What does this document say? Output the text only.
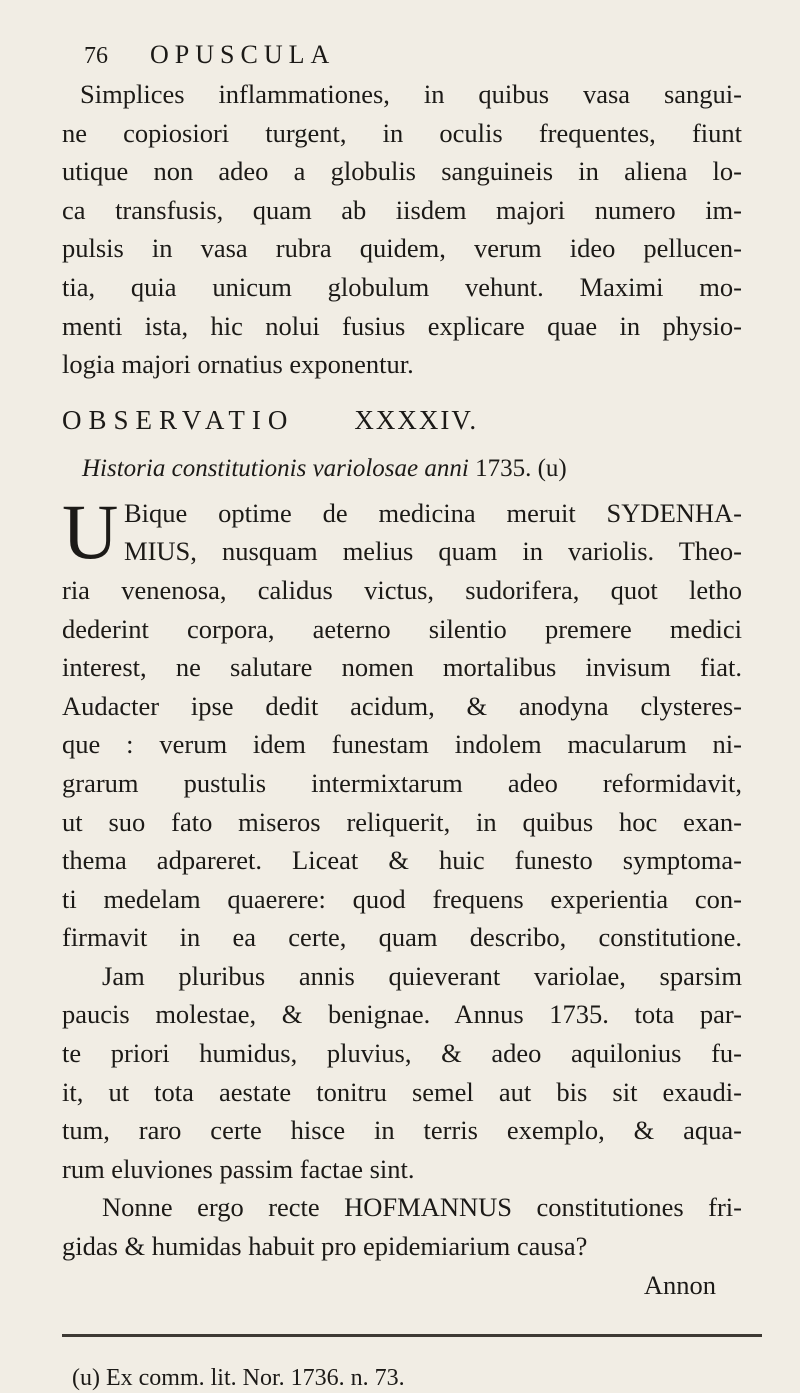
76 OPUSCULA

Simplices inflammationes, in quibus vasa sangui-
ne copiosiori turgent, in oculis frequentes, fiunt
utique non adeo a globulis sanguineis in aliena lo-
ca transfusis, quam ab iisdem majori numero im-
pulsis in vasa rubra quidem, verum ideo pellucen-
tia, quia unicum globulum vehunt. Maximi mo-
menti ista, hic nolui fusius explicare quae in physio-
logia majori ornatius exponentur.

OBSERVATIO XXXXIV.
Historia constitutionis variolosae anni 1735. (u)
U Bique optime de medicina meruit SYDENHA-
MIUS, nusquam melius quam in variolis. Theo-

ria venenosa, calidus victus, sudorifera, quot letho
dederint corpora, aeterno silentio premere medici
interest, ne salutare nomen mortalibus invisum fiat.
Audacter ipse dedit acidum, & anodyna clysteres-
que : verum idem funestam indolem macularum ni-
grarum pustulis intermixtarum adeo reformidavit,
ut suo fato miseros reliquerit, in quibus hoc exan-
thema adpareret. Liceat & huic funesto symptoma-
ti medelam quaerere: quod frequens experientia con-
firmavit in ea certe, quam describo, constitutione.
Jam pluribus annis quieverant variolae, sparsim
paucis molestae, & benignae. Annus 1735. tota par-
te priori humidus, pluvius, & adeo aquilonius fu-
it, ut tota aestate tonitru semel aut bis sit exaudi-
tum, raro certe hisce in terris exemplo, & aqua-
rum eluviones passim factae sint.

Nonne ergo recte HOFMANNUS constitutiones fri-
gidas & humidas habuit pro epidemiarium causa?
Annon

(u) Ex comm. lit. Nor. 1736. n. 73.
